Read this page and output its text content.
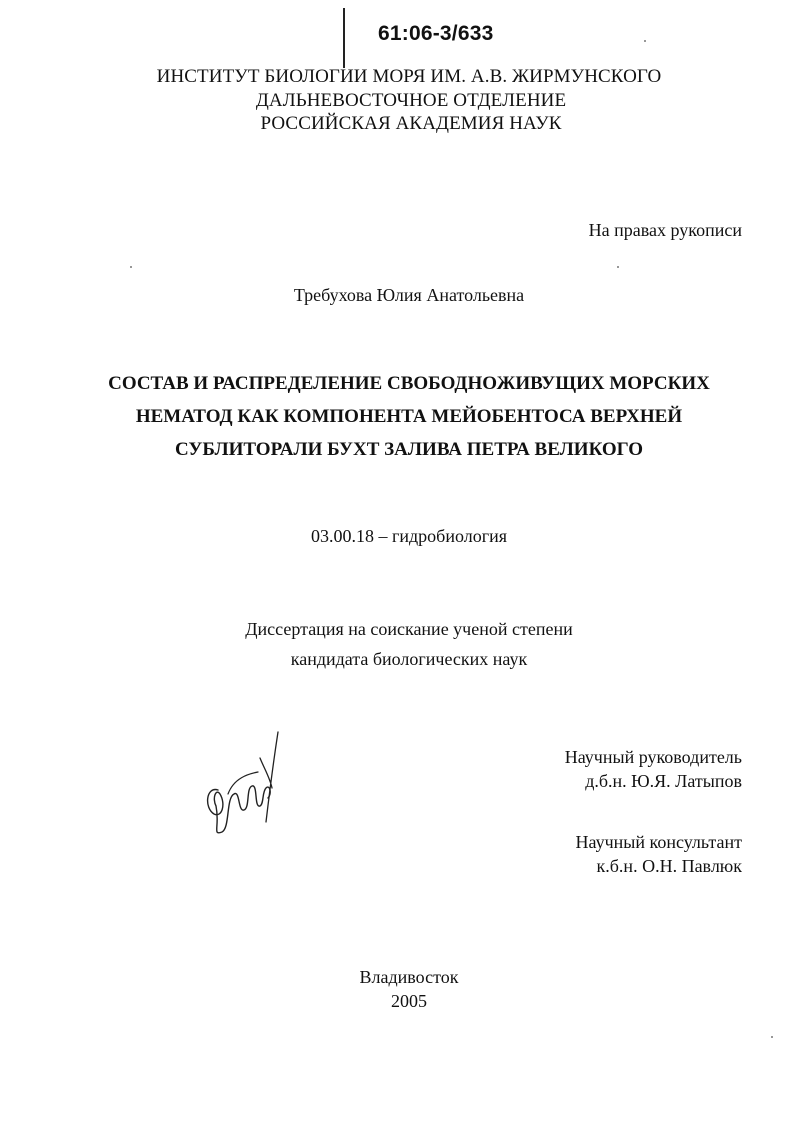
61:06-3/633
ИНСТИТУТ БИОЛОГИИ МОРЯ ИМ. А.В. ЖИРМУНСКОГО
ДАЛЬНЕВОСТОЧНОЕ ОТДЕЛЕНИЕ
РОССИЙСКАЯ АКАДЕМИЯ НАУК
На правах рукописи
Требухова Юлия Анатольевна
СОСТАВ И РАСПРЕДЕЛЕНИЕ СВОБОДНОЖИВУЩИХ МОРСКИХ
НЕМАТОД КАК КОМПОНЕНТА МЕЙОБЕНТОСА ВЕРХНЕЙ
СУБЛИТОРАЛИ БУХТ ЗАЛИВА ПЕТРА ВЕЛИКОГО
03.00.18 – гидробиология
Диссертация на соискание ученой степени
кандидата биологических наук
Научный руководитель
д.б.н. Ю.Я. Латыпов
Научный консультант
к.б.н. О.Н. Павлюк
Владивосток
2005
